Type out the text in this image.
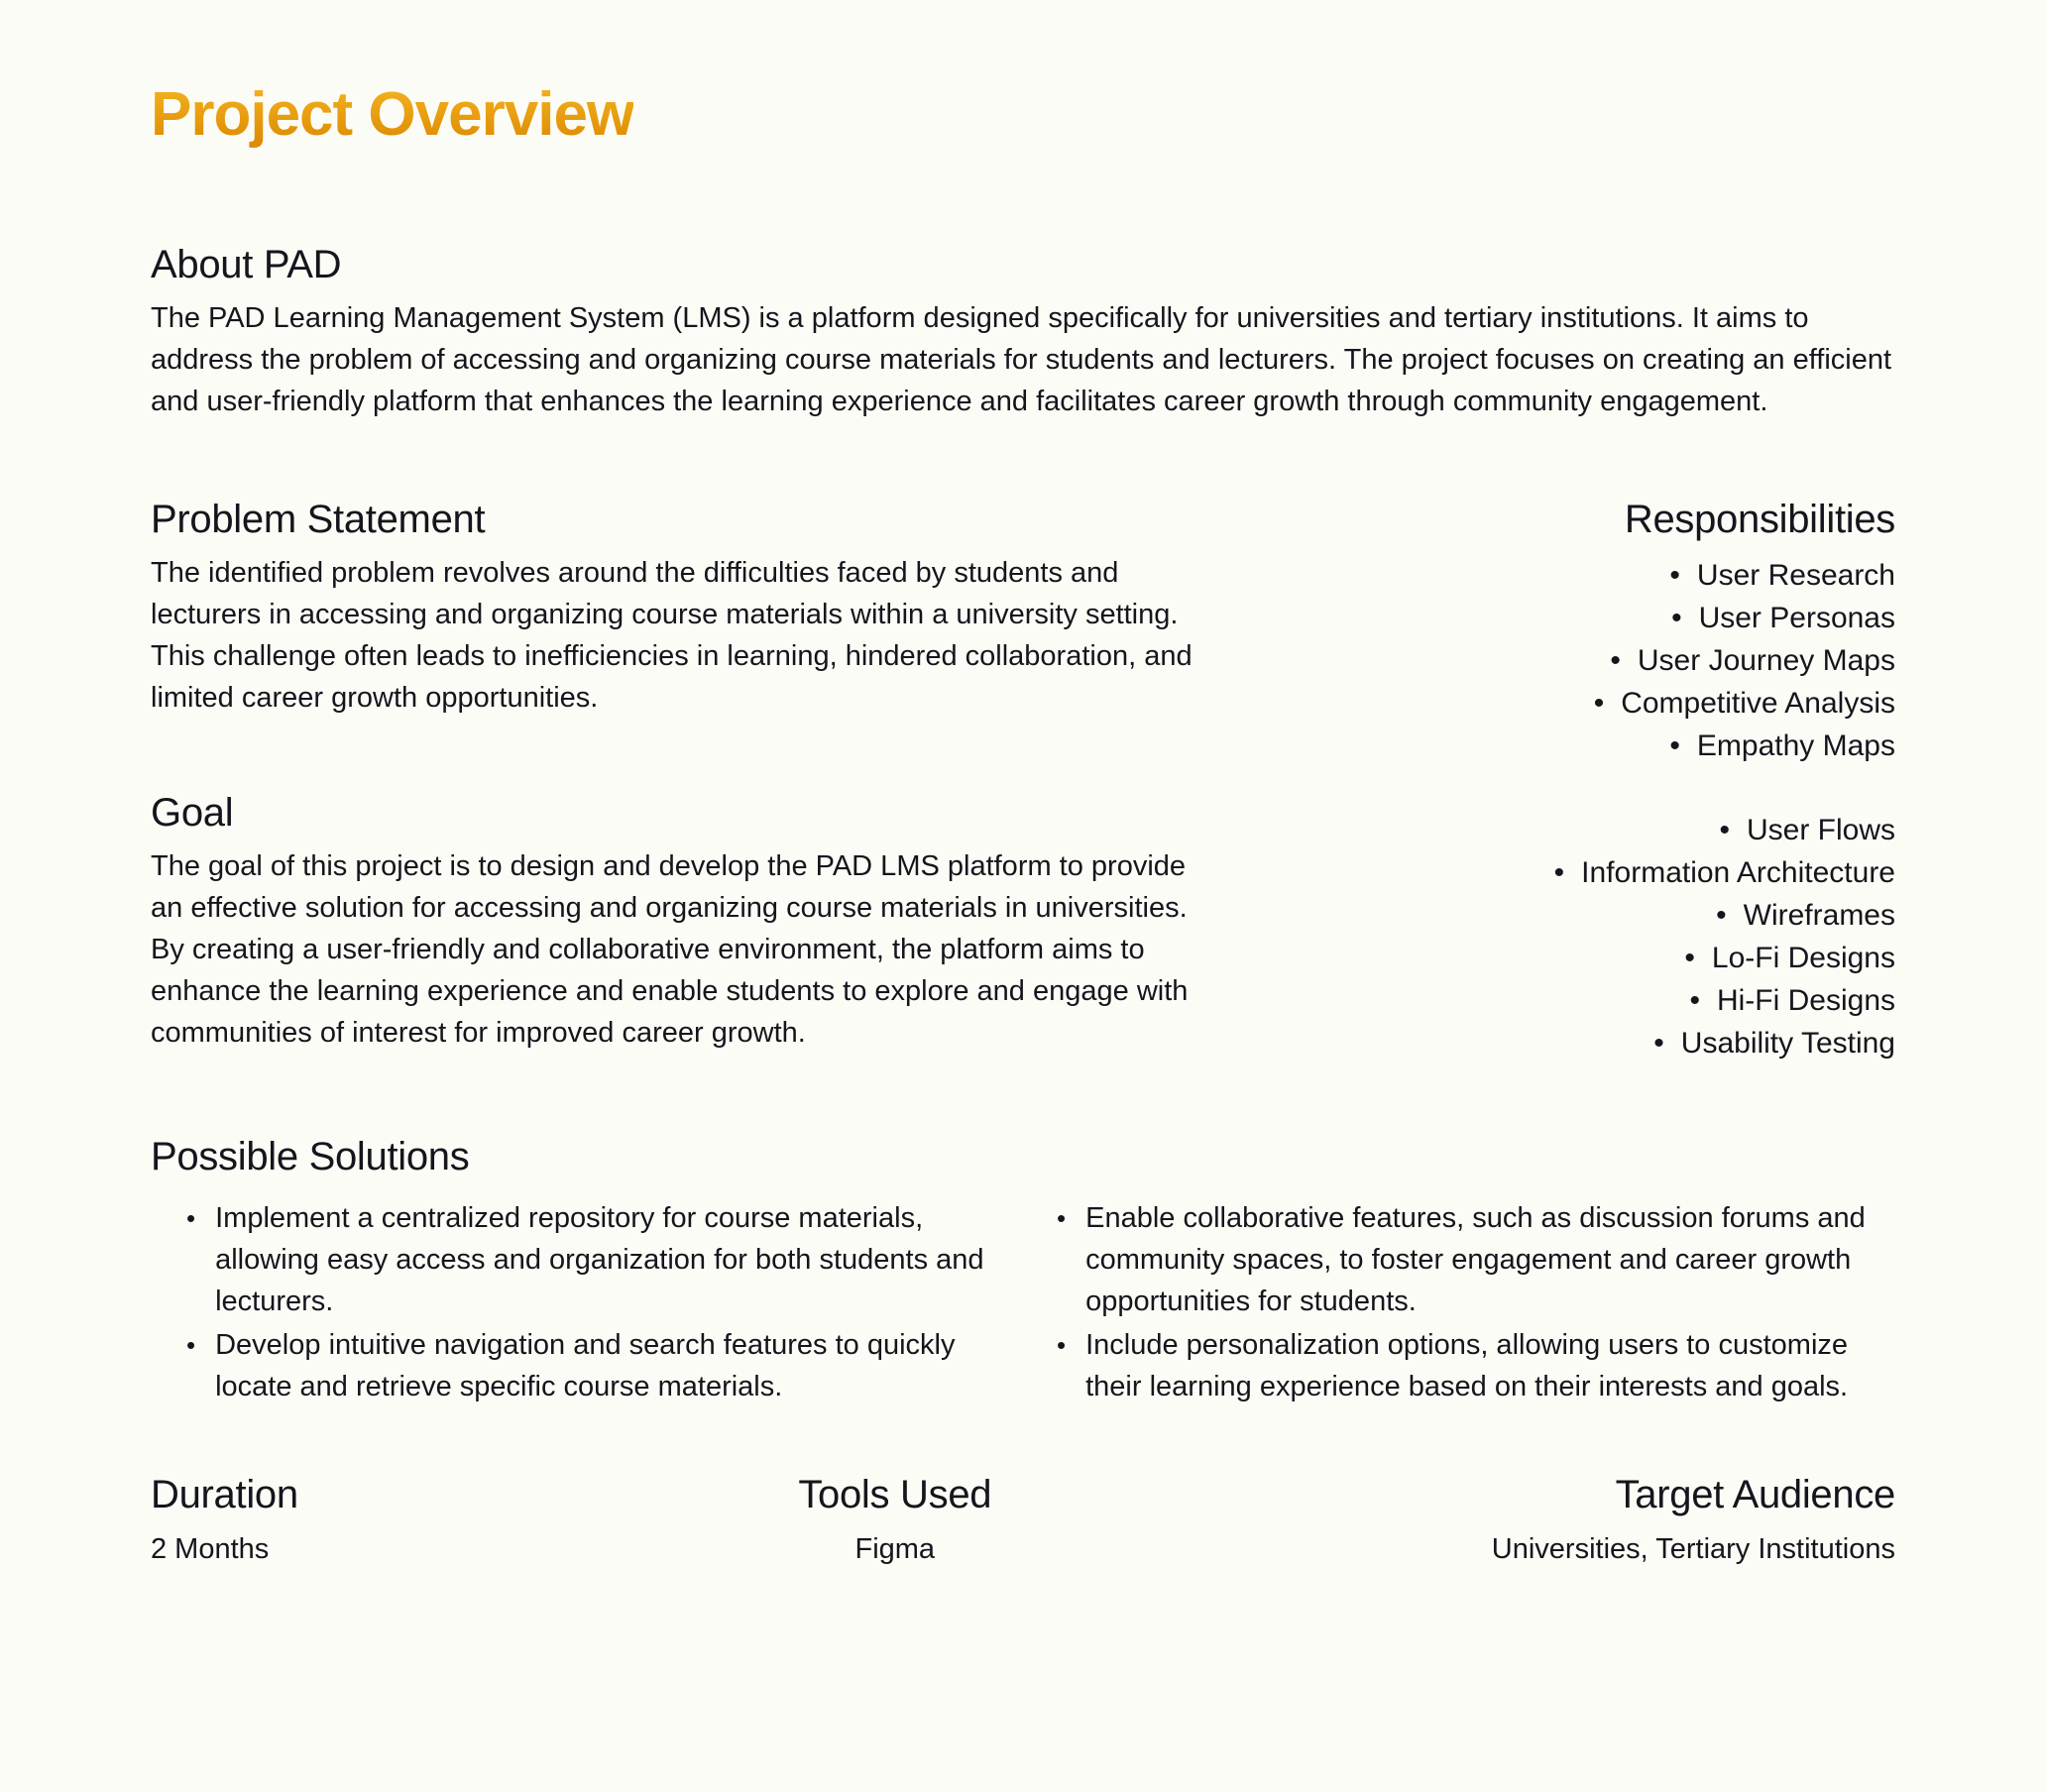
Project Overview
About PAD

The PAD Learning Management System (LMS) is a platform designed specifically for universities and tertiary institutions. It aims to address the problem of accessing and organizing course materials for students and lecturers. The project focuses on creating an efficient and user-friendly platform that enhances the learning experience and facilitates career growth through community engagement.

Problem Statement

The identified problem revolves around the difficulties faced by students and lecturers in accessing and organizing course materials within a university setting. This challenge often leads to inefficiencies in learning, hindered collaboration, and limited career growth opportunities.

Goal

The goal of this project is to design and develop the PAD LMS platform to provide an effective solution for accessing and organizing course materials in universities. By creating a user-friendly and collaborative environment, the platform aims to enhance the learning experience and enable students to explore and engage with communities of interest for improved career growth.

Responsibilities
• User Research
• User Personas
• User Journey Maps
• Competitive Analysis
• Empathy Maps
• User Flows
• Information Architecture
• Wireframes
• Lo-Fi Designs
• Hi-Fi Designs
• Usability Testing
Possible Solutions
• Implement a centralized repository for course materials, allowing easy access and organization for both students and lecturers.
• Develop intuitive navigation and search features to quickly locate and retrieve specific course materials.
• Enable collaborative features, such as discussion forums and community spaces, to foster engagement and career growth opportunities for students.
• Include personalization options, allowing users to customize their learning experience based on their interests and goals.
Duration
2 Months
Tools Used
Figma
Target Audience
Universities, Tertiary Institutions
